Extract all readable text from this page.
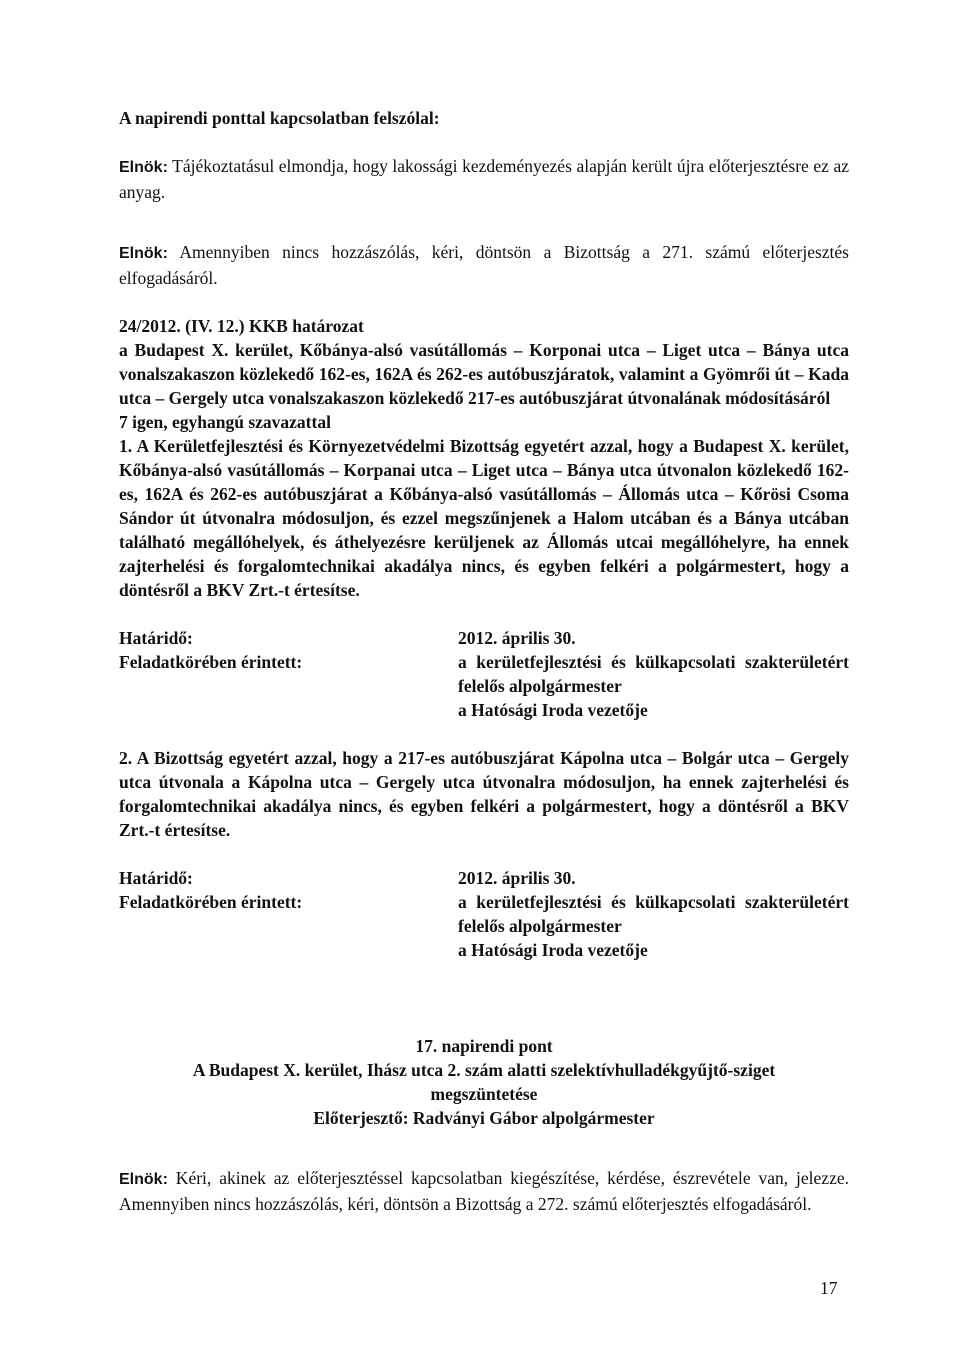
A napirendi ponttal kapcsolatban felszólal:

Elnök: Tájékoztatásul elmondja, hogy lakossági kezdeményezés alapján került újra előterjesztésre ez az anyag.

Elnök: Amennyiben nincs hozzászólás, kéri, döntsön a Bizottság a 271. számú előterjesztés elfogadásáról.

24/2012. (IV. 12.) KKB határozat

a Budapest X. kerület, Kőbánya-alsó vasútállomás – Korponai utca – Liget utca – Bánya utca vonalszakaszon közlekedő 162-es, 162A és 262-es autóbuszjáratok, valamint a Gyömrői út – Kada utca – Gergely utca vonalszakaszon közlekedő 217-es autóbuszjárat útvonalának módosításáról

7 igen, egyhangú szavazattal

1. A Kerületfejlesztési és Környezetvédelmi Bizottság egyetért azzal, hogy a Budapest X. kerület, Kőbánya-alsó vasútállomás – Korpanai utca – Liget utca – Bánya utca útvonalon közlekedő 162-es, 162A és 262-es autóbuszjárat a Kőbánya-alsó vasútállomás – Állomás utca – Kőrösi Csoma Sándor út útvonalra módosuljon, és ezzel megszűnjenek a Halom utcában és a Bánya utcában található megállóhelyek, és áthelyezésre kerüljenek az Állomás utcai megállóhelyre, ha ennek zajterhelési és forgalomtechnikai akadálya nincs, és egyben felkéri a polgármestert, hogy a döntésről a BKV Zrt.-t értesítse.

Határidő:	2012. április 30.
Feladatkörében érintett:	a kerületfejlesztési és külkapcsolati szakterületért felelős alpolgármester
a Hatósági Iroda vezetője

2. A Bizottság egyetért azzal, hogy a 217-es autóbuszjárat Kápolna utca – Bolgár utca – Gergely utca útvonala a Kápolna utca – Gergely utca útvonalra módosuljon, ha ennek zajterhelési és forgalomtechnikai akadálya nincs, és egyben felkéri a polgármestert, hogy a döntésről a BKV Zrt.-t értesítse.

Határidő:	2012. április 30.
Feladatkörében érintett:	a kerületfejlesztési és külkapcsolati szakterületért felelős alpolgármester
a Hatósági Iroda vezetője
17. napirendi pont
A Budapest X. kerület, Ihász utca 2. szám alatti szelektívhulladékgyűjtő-sziget
megszüntetése
Előterjesztő: Radványi Gábor alpolgármester

Elnök: Kéri, akinek az előterjesztéssel kapcsolatban kiegészítése, kérdése, észrevétele van, jelezze. Amennyiben nincs hozzászólás, kéri, döntsön a Bizottság a 272. számú előterjesztés elfogadásáról.

17
